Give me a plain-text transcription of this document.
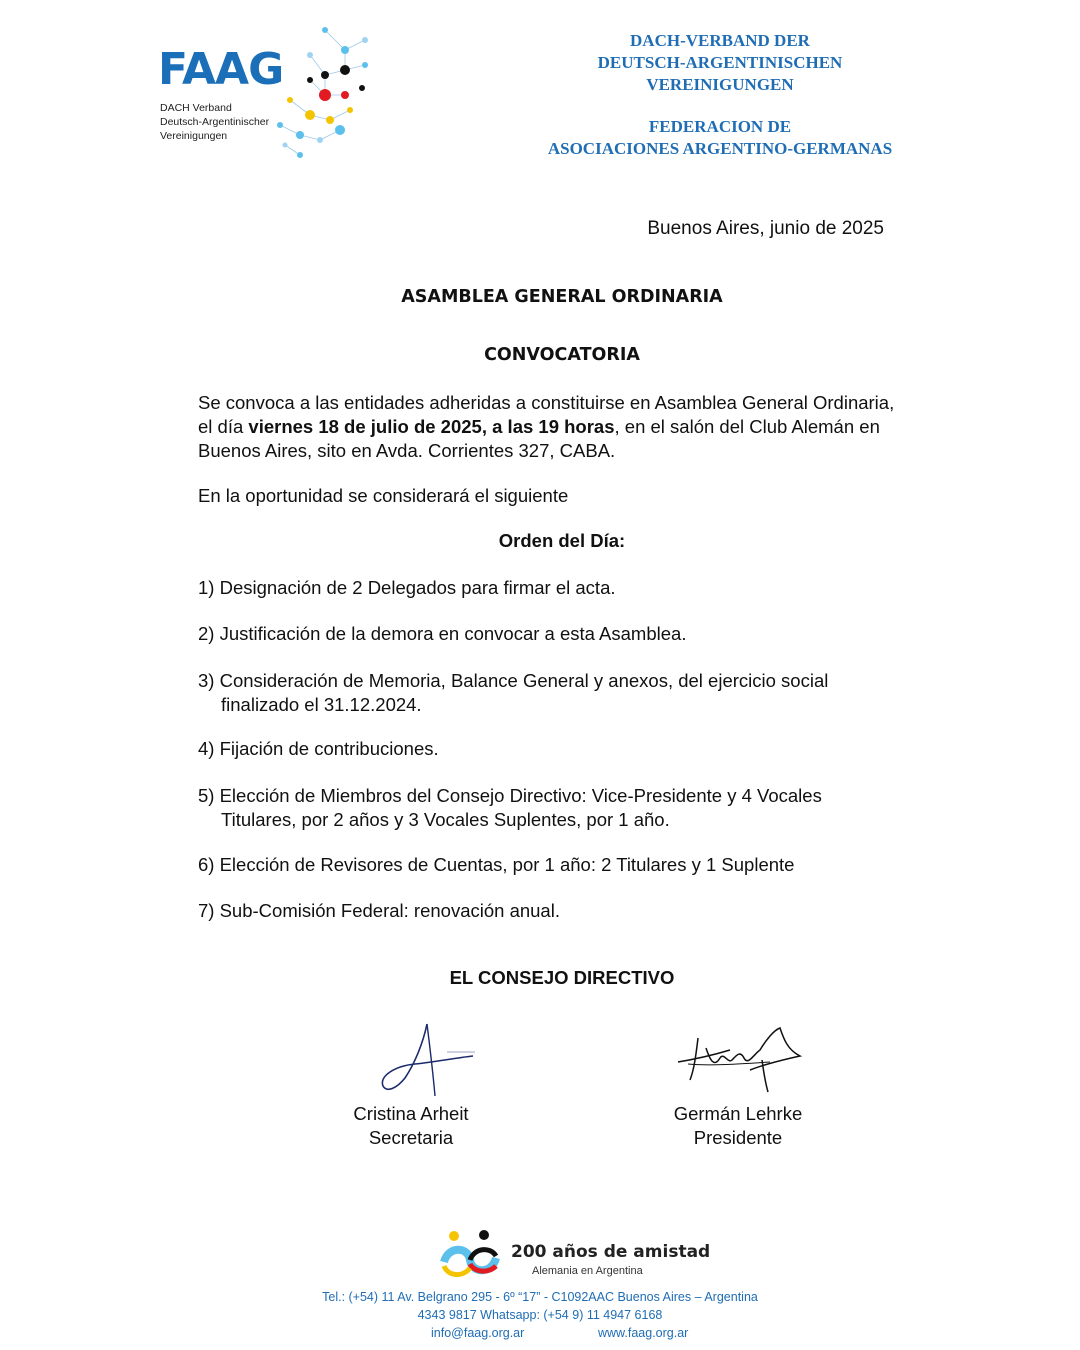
FAAG
DACH Verband
Deutsch-Argentinischer
Vereinigungen
DACH-VERBAND DER
DEUTSCH-ARGENTINISCHEN
VEREINIGUNGEN
FEDERACION DE
ASOCIACIONES ARGENTINO-GERMANAS
Buenos Aires, junio de 2025
ASAMBLEA GENERAL ORDINARIA
CONVOCATORIA
Se convoca a las entidades adheridas a constituirse en Asamblea General Ordinaria, el día viernes 18 de julio de 2025, a las 19 horas, en el salón del Club Alemán en Buenos Aires, sito en Avda. Corrientes 327, CABA.
En la oportunidad se considerará el siguiente
Orden del Día:
1) Designación de 2 Delegados para firmar el acta.
2) Justificación de la demora en convocar a esta Asamblea.
3) Consideración de Memoria, Balance General y anexos, del ejercicio social
finalizado el 31.12.2024.
4) Fijación de contribuciones.
5) Elección de Miembros del Consejo Directivo: Vice-Presidente y 4 Vocales
Titulares, por 2 años y 3 Vocales Suplentes, por 1 año.
6) Elección de Revisores de Cuentas, por 1 año: 2 Titulares y 1 Suplente
7) Sub-Comisión Federal: renovación anual.
EL CONSEJO DIRECTIVO
Cristina Arheit
Secretaria
Germán Lehrke
Presidente
200 años de amistad
Alemania en Argentina
Tel.: (+54) 11 Av. Belgrano 295 - 6º “17” - C1092AAC Buenos Aires – Argentina
4343 9817 Whatsapp: (+54 9) 11 4947 6168
info@faag.org.ar	www.faag.org.ar
